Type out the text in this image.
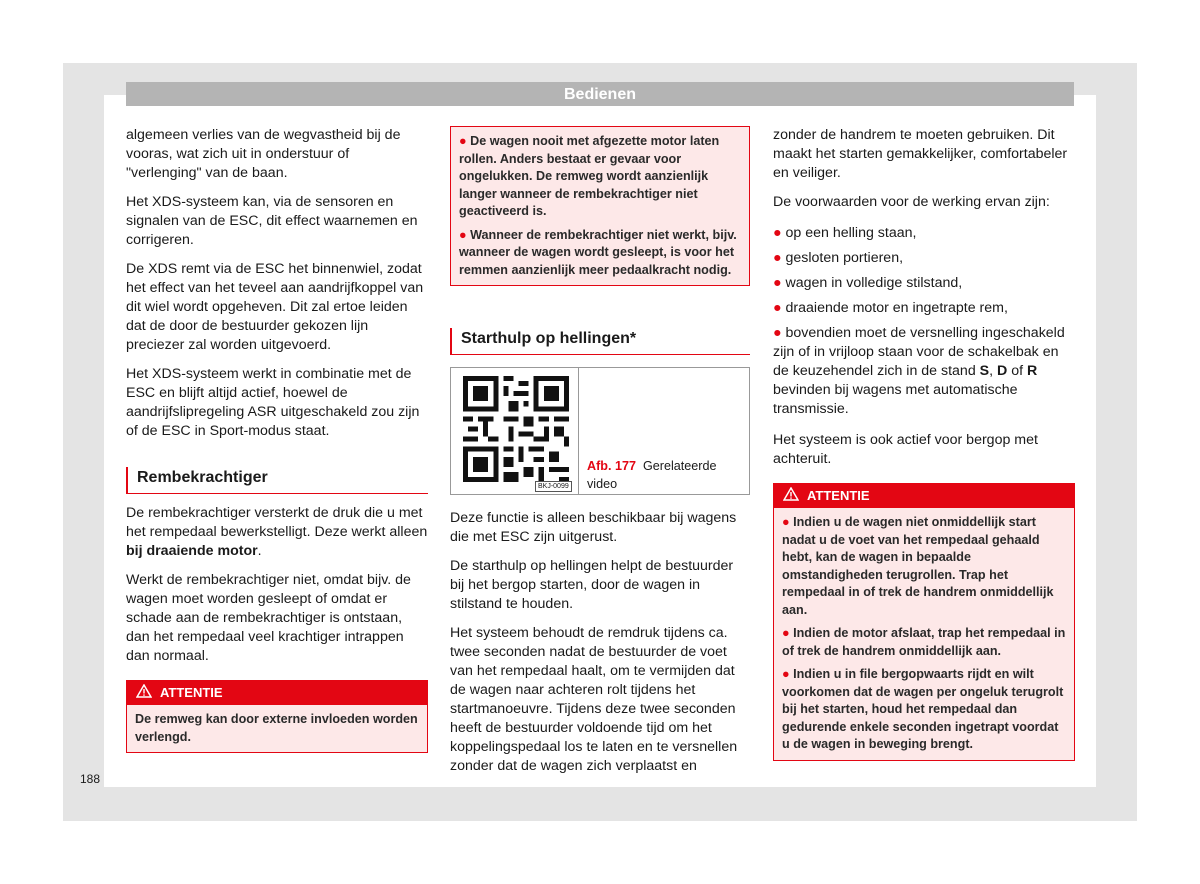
Bedienen

algemeen verlies van de wegvastheid bij de vooras, wat zich uit in onderstuur of "verlenging" van de baan.

Het XDS-systeem kan, via de sensoren en signalen van de ESC, dit effect waarnemen en corrigeren.

De XDS remt via de ESC het binnenwiel, zodat het effect van het teveel aan aandrijfkoppel van dit wiel wordt opgeheven. Dit zal ertoe leiden dat de door de bestuurder gekozen lijn preciezer zal worden uitgevoerd.

Het XDS-systeem werkt in combinatie met de ESC en blijft altijd actief, hoewel de aandrijfslipregeling ASR uitgeschakeld zou zijn of de ESC in Sport-modus staat.

Rembekrachtiger

De rembekrachtiger versterkt de druk die u met het rempedaal bewerkstelligt. Deze werkt alleen bij draaiende motor.

Werkt de rembekrachtiger niet, omdat bijv. de wagen moet worden gesleept of omdat er schade aan de rembekrachtiger is ontstaan, dan het rempedaal veel krachtiger intrappen dan normaal.

ATTENTIE
De remweg kan door externe invloeden worden verlengd.
● De wagen nooit met afgezette motor laten rollen. Anders bestaat er gevaar voor ongelukken. De remweg wordt aanzienlijk langer wanneer de rembekrachtiger niet geactiveerd is.
● Wanneer de rembekrachtiger niet werkt, bijv. wanneer de wagen wordt gesleept, is voor het remmen aanzienlijk meer pedaalkracht nodig.
Starthulp op hellingen*
BKJ-0099
Afb. 177 Gerelateerde video

Deze functie is alleen beschikbaar bij wagens die met ESC zijn uitgerust.

De starthulp op hellingen helpt de bestuurder bij het bergop starten, door de wagen in stilstand te houden.

Het systeem behoudt de remdruk tijdens ca. twee seconden nadat de bestuurder de voet van het rempedaal haalt, om te vermijden dat de wagen naar achteren rolt tijdens het startmanoeuvre. Tijdens deze twee seconden heeft de bestuurder voldoende tijd om het koppelingspedaal los te laten en te versnellen zonder dat de wagen zich verplaatst en

zonder de handrem te moeten gebruiken. Dit maakt het starten gemakkelijker, comfortabeler en veiliger.

De voorwaarden voor de werking ervan zijn:

● op een helling staan,
● gesloten portieren,
● wagen in volledige stilstand,
● draaiende motor en ingetrapte rem,
● bovendien moet de versnelling ingeschakeld zijn of in vrijloop staan voor de schakelbak en de keuzehendel zich in de stand S, D of R bevinden bij wagens met automatische transmissie.

Het systeem is ook actief voor bergop met achteruit.

ATTENTIE
● Indien u de wagen niet onmiddellijk start nadat u de voet van het rempedaal gehaald hebt, kan de wagen in bepaalde omstandigheden terugrollen. Trap het rempedaal in of trek de handrem onmiddellijk aan.
● Indien de motor afslaat, trap het rempedaal in of trek de handrem onmiddellijk aan.
● Indien u in file bergopwaarts rijdt en wilt voorkomen dat de wagen per ongeluk terugrolt bij het starten, houd het rempedaal dan gedurende enkele seconden ingetrapt voordat u de wagen in beweging brengt.
188
